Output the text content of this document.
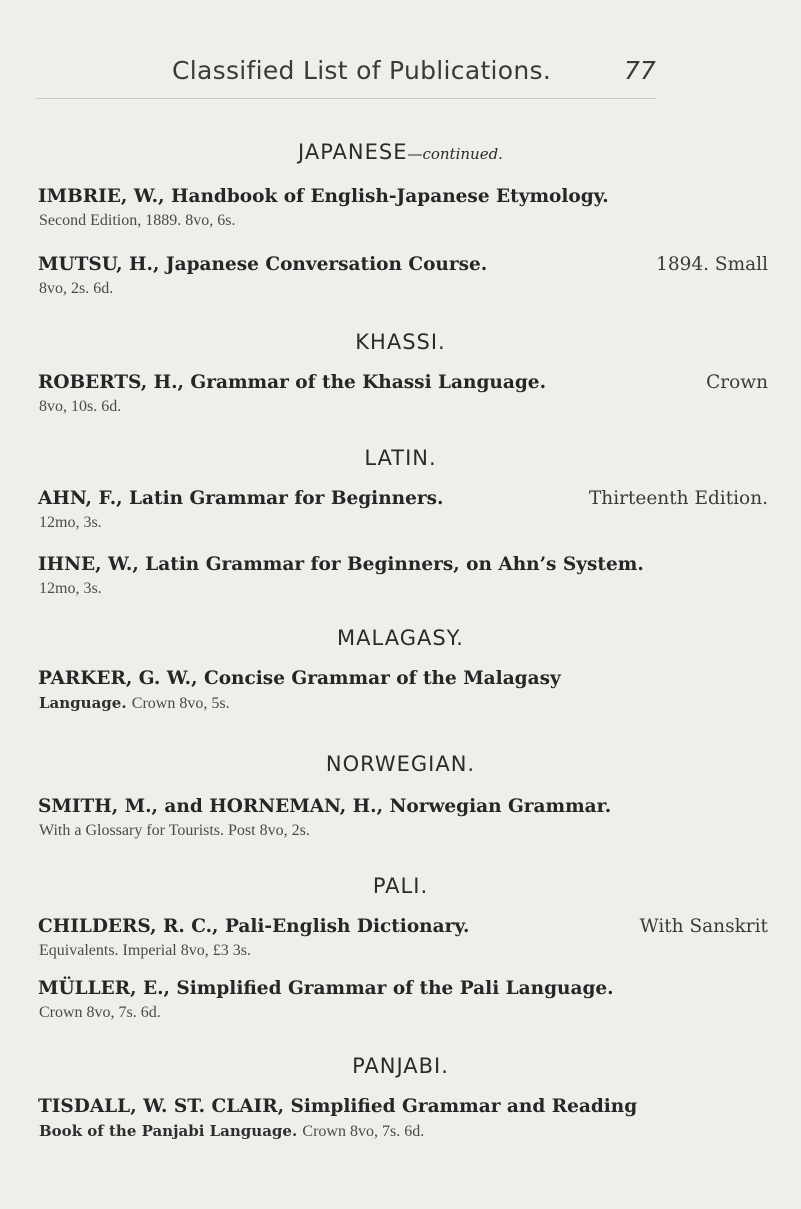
Classified List of Publications.	77
JAPANESE—continued.
IMBRIE, W., Handbook of English-Japanese Etymology.
Second Edition, 1889. 8vo, 6s.
MUTSU, H., Japanese Conversation Course.	1894. Small
8vo, 2s. 6d.
KHASSI.
ROBERTS, H., Grammar of the Khassi Language.	Crown
8vo, 10s. 6d.
LATIN.
AHN, F., Latin Grammar for Beginners.	Thirteenth Edition.
12mo, 3s.
IHNE, W., Latin Grammar for Beginners, on Ahn’s System.
12mo, 3s.
MALAGASY.
PARKER, G. W., Concise Grammar of the Malagasy
Language. Crown 8vo, 5s.
NORWEGIAN.
SMITH, M., and HORNEMAN, H., Norwegian Grammar.
With a Glossary for Tourists. Post 8vo, 2s.
PALI.
CHILDERS, R. C., Pali-English Dictionary.	With Sanskrit
Equivalents. Imperial 8vo, £3 3s.
MÜLLER, E., Simplified Grammar of the Pali Language.
Crown 8vo, 7s. 6d.
PANJABI.
TISDALL, W. ST. CLAIR, Simplified Grammar and Reading
Book of the Panjabi Language. Crown 8vo, 7s. 6d.
